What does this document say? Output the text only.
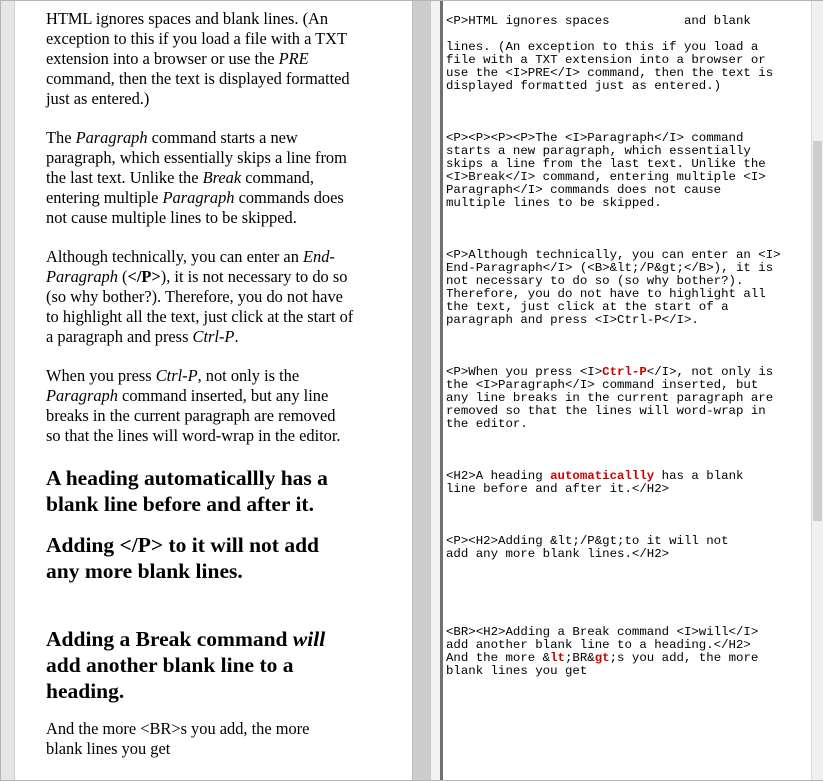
HTML ignores spaces and blank lines. (An
exception to this if you load a file with a TXT
extension into a browser or use the PRE
command, then the text is displayed formatted
just as entered.)

The Paragraph command starts a new
paragraph, which essentially skips a line from
the last text. Unlike the Break command,
entering multiple Paragraph commands does
not cause multiple lines to be skipped.

Although technically, you can enter an End-
Paragraph (</P>), it is not necessary to do so
(so why bother?). Therefore, you do not have
to highlight all the text, just click at the start of
a paragraph and press Ctrl-P.

When you press Ctrl-P, not only is the
Paragraph command inserted, but any line
breaks in the current paragraph are removed
so that the lines will word-wrap in the editor.

A heading automaticallly has a
blank line before and after it.
Adding </P> to it will not add
any more blank lines.
Adding a Break command will
add another blank line to a
heading.

And the more <BR>s you add, the more
blank lines you get

<P>HTML ignores spaces          and blank
lines. (An exception to this if you load a
file with a TXT extension into a browser or
use the <I>PRE</I> command, then the text is
displayed formatted just as entered.)
<P><P><P><P>The <I>Paragraph</I> command
starts a new paragraph, which essentially
skips a line from the last text. Unlike the
<I>Break</I> command, entering multiple <I>
Paragraph</I> commands does not cause
multiple lines to be skipped.
<P>Although technically, you can enter an <I>
End-Paragraph</I> (<B>&lt;/P&gt;</B>), it is
not necessary to do so (so why bother?).
Therefore, you do not have to highlight all
the text, just click at the start of a
paragraph and press <I>Ctrl-P</I>.
<P>When you press <I>Ctrl-P</I>, not only is
the <I>Paragraph</I> command inserted, but
any line breaks in the current paragraph are
removed so that the lines will word-wrap in
the editor.
<H2>A heading automaticallly has a blank
line before and after it.</H2>
<P><H2>Adding &lt;/P&gt;to it will not
add any more blank lines.</H2>
<BR><H2>Adding a Break command <I>will</I>
add another blank line to a heading.</H2>
And the more &lt;BR&gt;s you add, the more
blank lines you get
